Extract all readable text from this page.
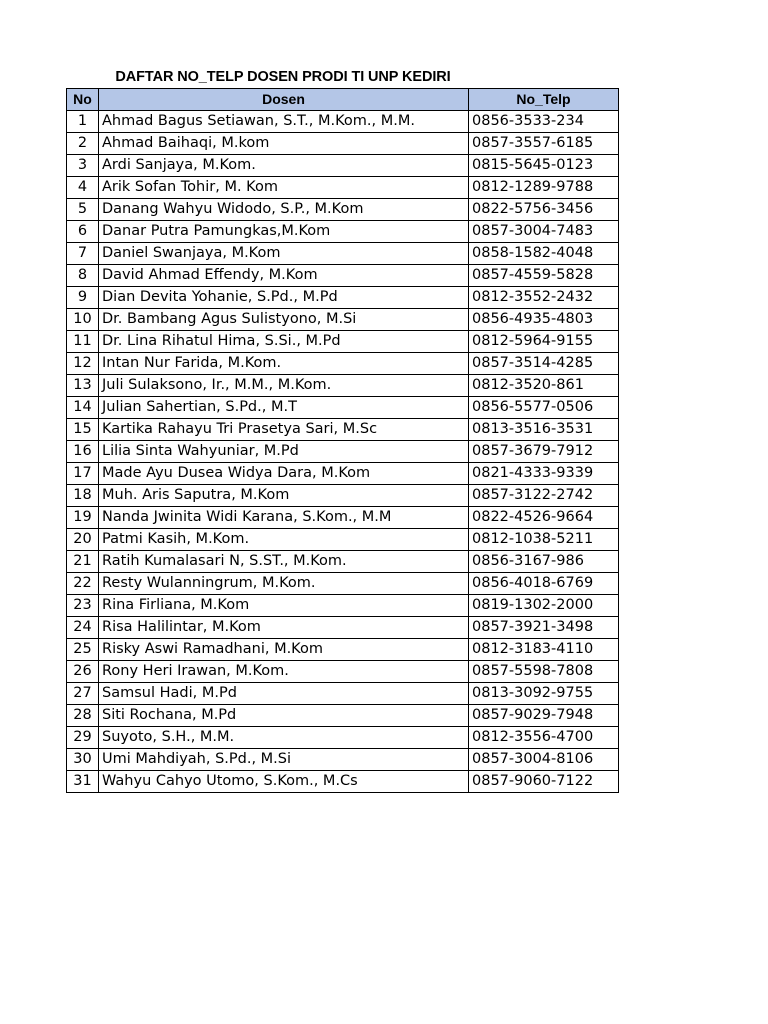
DAFTAR NO_TELP DOSEN PRODI TI UNP KEDIRI
No	Dosen	No_Telp
1	Ahmad Bagus Setiawan, S.T., M.Kom., M.M.	0856-3533-234
2	Ahmad Baihaqi, M.kom	0857-3557-6185
3	Ardi Sanjaya, M.Kom.	0815-5645-0123
4	Arik Sofan Tohir, M. Kom	0812-1289-9788
5	Danang Wahyu Widodo, S.P., M.Kom	0822-5756-3456
6	Danar Putra Pamungkas,M.Kom	0857-3004-7483
7	Daniel Swanjaya, M.Kom	0858-1582-4048
8	David Ahmad Effendy, M.Kom	0857-4559-5828
9	Dian Devita Yohanie, S.Pd., M.Pd	0812-3552-2432
10	Dr. Bambang Agus Sulistyono, M.Si	0856-4935-4803
11	Dr. Lina Rihatul Hima, S.Si., M.Pd	0812-5964-9155
12	Intan Nur Farida, M.Kom.	0857-3514-4285
13	Juli Sulaksono, Ir., M.M., M.Kom.	0812-3520-861
14	Julian Sahertian, S.Pd., M.T	0856-5577-0506
15	Kartika Rahayu Tri Prasetya Sari, M.Sc	0813-3516-3531
16	Lilia Sinta Wahyuniar, M.Pd	0857-3679-7912
17	Made Ayu Dusea Widya Dara, M.Kom	0821-4333-9339
18	Muh. Aris Saputra, M.Kom	0857-3122-2742
19	Nanda Jwinita Widi Karana, S.Kom., M.M	0822-4526-9664
20	Patmi Kasih, M.Kom.	0812-1038-5211
21	Ratih Kumalasari N, S.ST., M.Kom.	0856-3167-986
22	Resty Wulanningrum, M.Kom.	0856-4018-6769
23	Rina Firliana, M.Kom	0819-1302-2000
24	Risa Halilintar, M.Kom	0857-3921-3498
25	Risky Aswi Ramadhani, M.Kom	0812-3183-4110
26	Rony Heri Irawan, M.Kom.	0857-5598-7808
27	Samsul Hadi, M.Pd	0813-3092-9755
28	Siti Rochana, M.Pd	0857-9029-7948
29	Suyoto, S.H., M.M.	0812-3556-4700
30	Umi Mahdiyah, S.Pd., M.Si	0857-3004-8106
31	Wahyu Cahyo Utomo, S.Kom., M.Cs	0857-9060-7122
